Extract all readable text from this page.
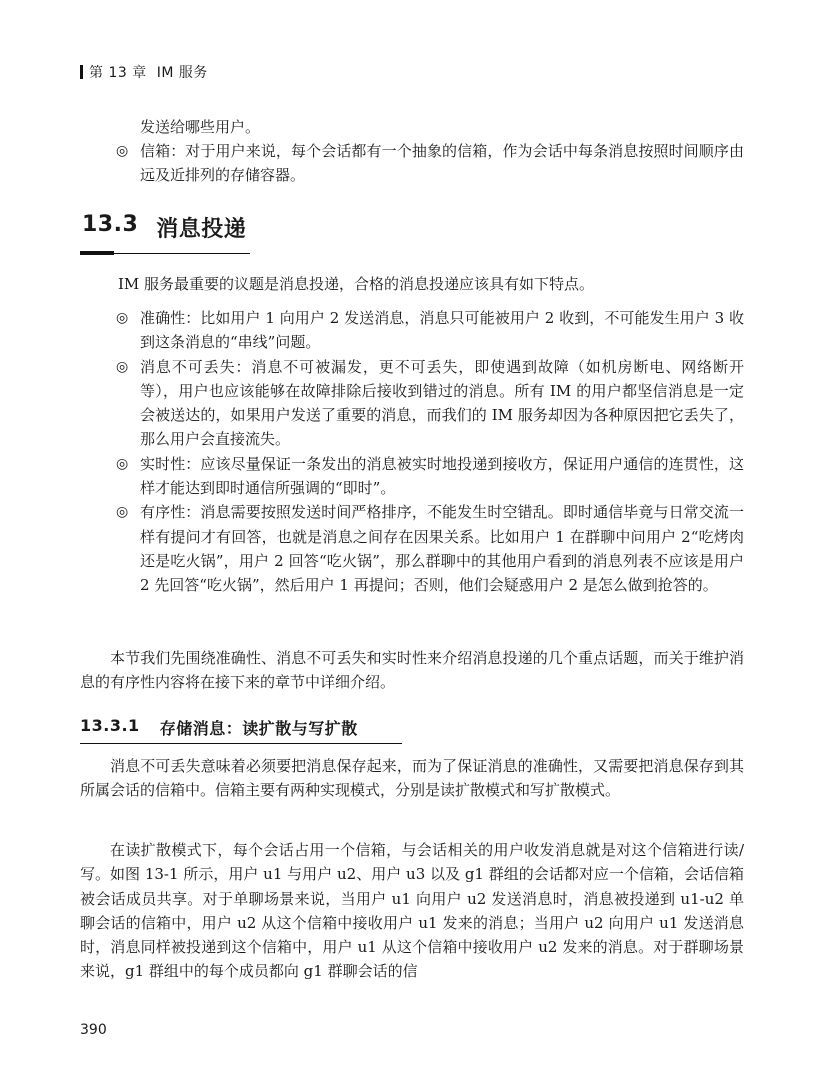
第 13 章 IM 服务

发送给哪些用户。

◎ 信箱：对于用户来说，每个会话都有一个抽象的信箱，作为会话中每条消息按照时间顺序由远及近排列的存储容器。

13.3 消息投递

IM 服务最重要的议题是消息投递，合格的消息投递应该具有如下特点。

◎ 准确性：比如用户 1 向用户 2 发送消息，消息只可能被用户 2 收到，不可能发生用户 3 收到这条消息的“串线”问题。

◎ 消息不可丢失：消息不可被漏发，更不可丢失，即使遇到故障（如机房断电、网络断开等），用户也应该能够在故障排除后接收到错过的消息。所有 IM 的用户都坚信消息是一定会被送达的，如果用户发送了重要的消息，而我们的 IM 服务却因为各种原因把它丢失了，那么用户会直接流失。

◎ 实时性：应该尽量保证一条发出的消息被实时地投递到接收方，保证用户通信的连贯性，这样才能达到即时通信所强调的“即时”。

◎ 有序性：消息需要按照发送时间严格排序，不能发生时空错乱。即时通信毕竟与日常交流一样有提问才有回答，也就是消息之间存在因果关系。比如用户 1 在群聊中问用户 2“吃烤肉还是吃火锅”，用户 2 回答“吃火锅”，那么群聊中的其他用户看到的消息列表不应该是用户 2 先回答“吃火锅”，然后用户 1 再提问；否则，他们会疑惑用户 2 是怎么做到抢答的。

本节我们先围绕准确性、消息不可丢失和实时性来介绍消息投递的几个重点话题，而关于维护消息的有序性内容将在接下来的章节中详细介绍。

13.3.1 存储消息：读扩散与写扩散

消息不可丢失意味着必须要把消息保存起来，而为了保证消息的准确性，又需要把消息保存到其所属会话的信箱中。信箱主要有两种实现模式，分别是读扩散模式和写扩散模式。

在读扩散模式下，每个会话占用一个信箱，与会话相关的用户收发消息就是对这个信箱进行读/写。如图 13-1 所示，用户 u1 与用户 u2、用户 u3 以及 g1 群组的会话都对应一个信箱，会话信箱被会话成员共享。对于单聊场景来说，当用户 u1 向用户 u2 发送消息时，消息被投递到 u1-u2 单聊会话的信箱中，用户 u2 从这个信箱中接收用户 u1 发来的消息；当用户 u2 向用户 u1 发送消息时，消息同样被投递到这个信箱中，用户 u1 从这个信箱中接收用户 u2 发来的消息。对于群聊场景来说，g1 群组中的每个成员都向 g1 群聊会话的信

390
